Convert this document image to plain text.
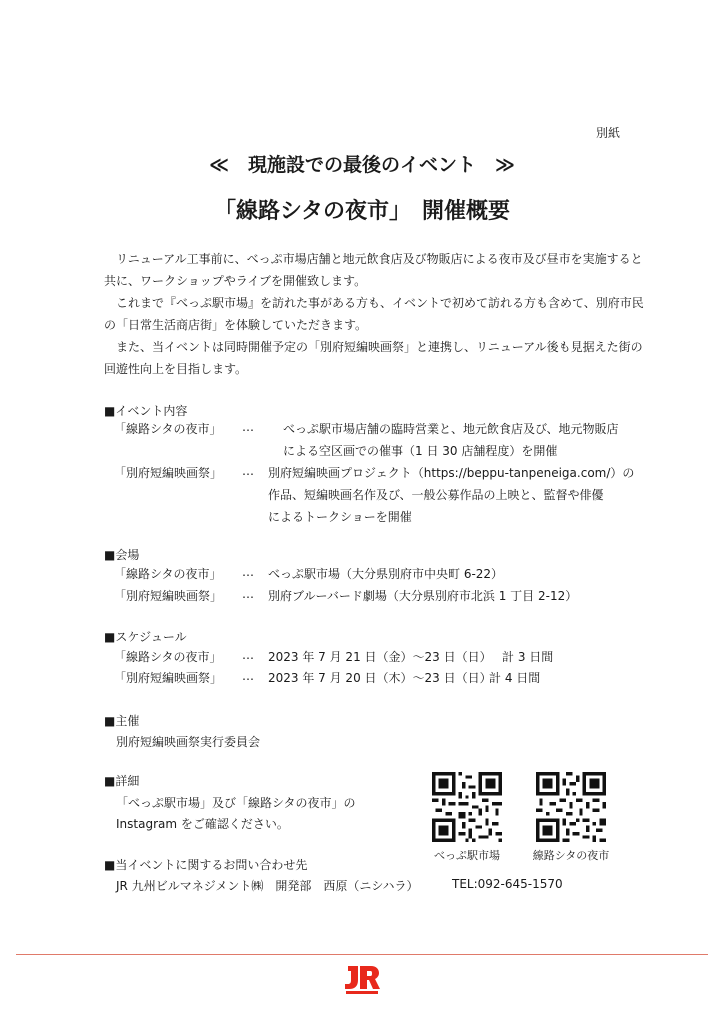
別紙
≪　現施設での最後のイベント　≫
「線路シタの夜市」　開催概要

　リニューアル工事前に、べっぷ市場店舗と地元飲食店及び物販店による夜市及び昼市を実施すると共に、ワークショップやライブを開催致します。

　これまで『べっぷ駅市場』を訪れた事がある方も、イベントで初めて訪れる方も含めて、別府市民の「日常生活商店街」を体験していただきます。

　また、当イベントは同時開催予定の「別府短編映画祭」と連携し、リニューアル後も見据えた街の回遊性向上を目指します。

■イベント内容
「線路シタの夜市」 … べっぷ駅市場店舗の臨時営業と、地元飲食店及び、地元物販店
による空区画での催事（1 日 30 店舗程度）を開催
「別府短編映画祭」 … 別府短編映画プロジェクト（https://beppu-tanpeneiga.com/）の
作品、短編映画名作及び、一般公募作品の上映と、監督や俳優
によるトークショーを開催
■会場
「線路シタの夜市」 … べっぷ駅市場（大分県別府市中央町 6-22）
「別府短編映画祭」 … 別府ブルーバード劇場（大分県別府市北浜 1 丁目 2-12）
■スケジュール
「線路シタの夜市」 … 2023 年 7 月 21 日（金）～23 日（日） 計 3 日間
「別府短編映画祭」 … 2023 年 7 月 20 日（木）～23 日（日）
計 4 日間
■主催
別府短編映画祭実行委員会
■詳細
「べっぷ駅市場」及び「線路シタの夜市」の
Instagram をご確認ください。
べっぷ駅市場	線路シタの夜市
■当イベントに関するお問い合わせ先
JR 九州ビルマネジメント㈱　開発部　西原（ニシハラ）	TEL:092-645-1570
